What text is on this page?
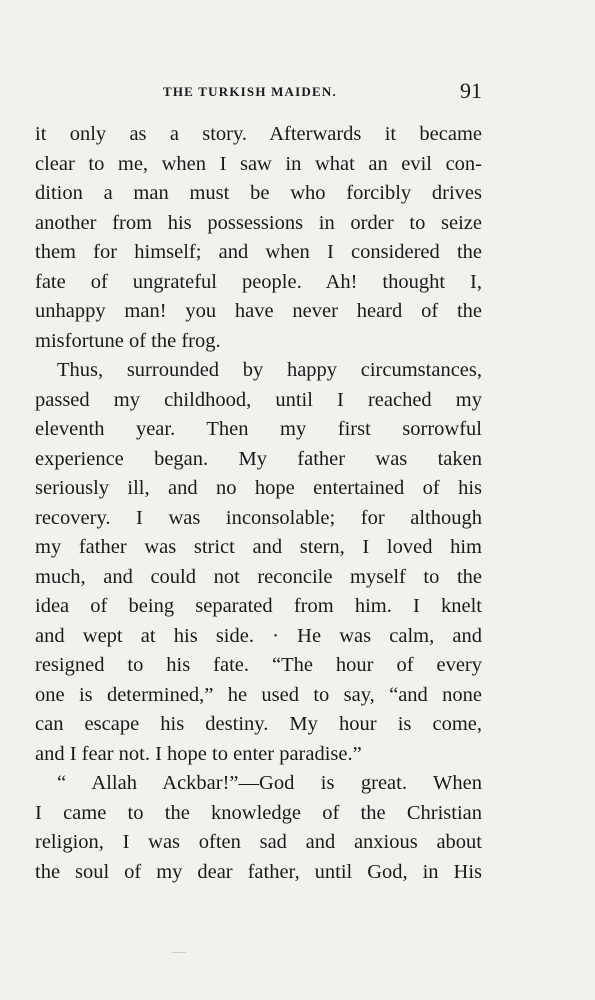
THE TURKISH MAIDEN.	91
it only as a story. Afterwards it became
clear to me, when I saw in what an evil con-
dition a man must be who forcibly drives
another from his possessions in order to seize
them for himself; and when I considered the
fate of ungrateful people. Ah! thought I,
unhappy man! you have never heard of the
misfortune of the frog.
Thus, surrounded by happy circumstances,
passed my childhood, until I reached my
eleventh year. Then my first sorrowful
experience began. My father was taken
seriously ill, and no hope entertained of his
recovery. I was inconsolable; for although
my father was strict and stern, I loved him
much, and could not reconcile myself to the
idea of being separated from him. I knelt
and wept at his side. · He was calm, and
resigned to his fate. “The hour of every
one is determined,” he used to say, “and none
can escape his destiny. My hour is come,
and I fear not. I hope to enter paradise.”
“ Allah Ackbar!”—God is great. When
I came to the knowledge of the Christian
religion, I was often sad and anxious about
the soul of my dear father, until God, in His
